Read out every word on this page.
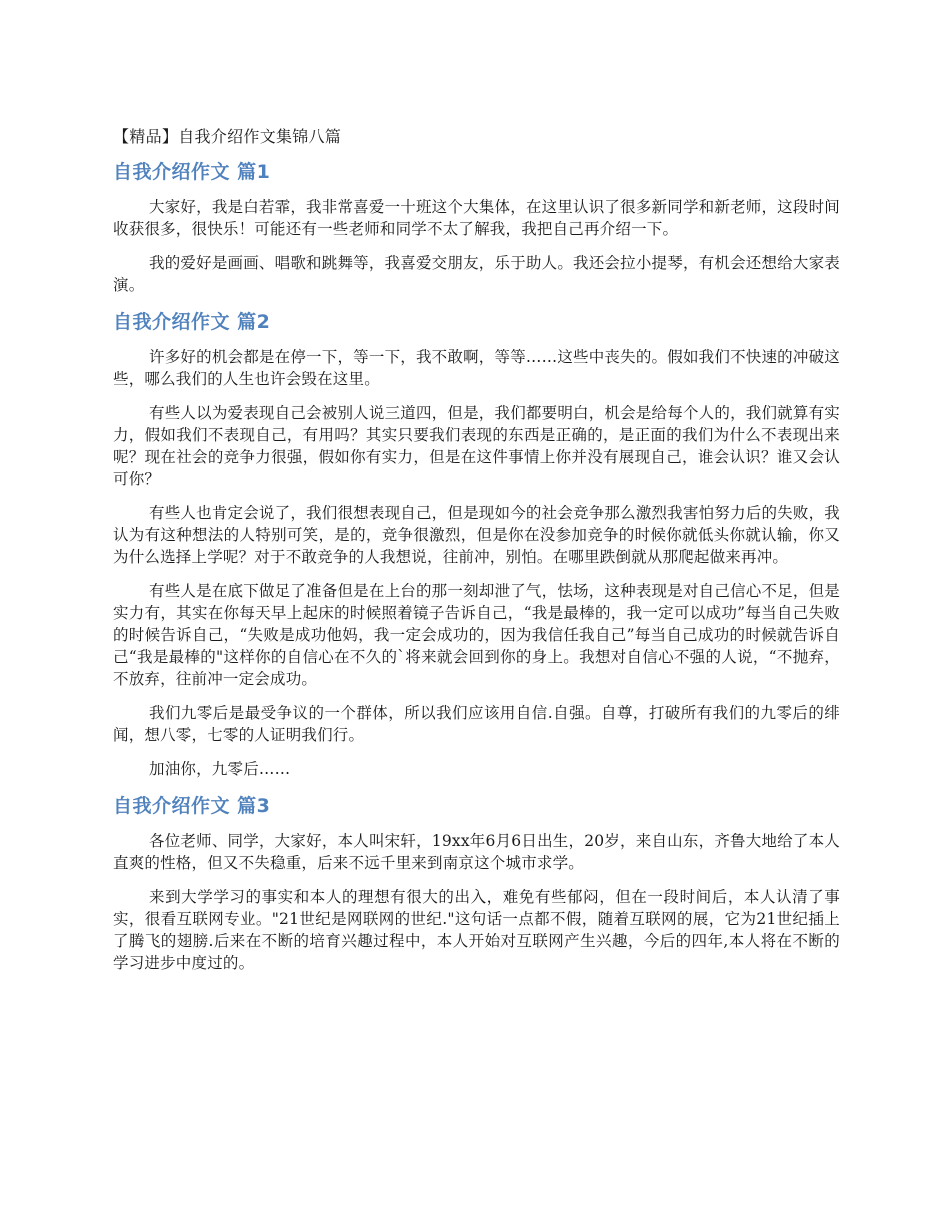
【精品】自我介绍作文集锦八篇
自我介绍作文 篇1

大家好，我是白若霏，我非常喜爱一十班这个大集体，在这里认识了很多新同学和新老师，这段时间收获很多，很快乐！可能还有一些老师和同学不太了解我，我把自己再介绍一下。

我的爱好是画画、唱歌和跳舞等，我喜爱交朋友，乐于助人。我还会拉小提琴，有机会还想给大家表演。

自我介绍作文 篇2

许多好的机会都是在停一下，等一下，我不敢啊，等等……这些中丧失的。假如我们不快速的冲破这些，哪么我们的人生也许会毁在这里。

有些人以为爱表现自己会被别人说三道四，但是，我们都要明白，机会是给每个人的，我们就算有实力，假如我们不表现自己，有用吗？其实只要我们表现的东西是正确的，是正面的我们为什么不表现出来呢？现在社会的竞争力很强，假如你有实力，但是在这件事情上你并没有展现自己，谁会认识？谁又会认可你？

有些人也肯定会说了，我们很想表现自己，但是现如今的社会竞争那么激烈我害怕努力后的失败，我认为有这种想法的人特别可笑，是的，竞争很激烈，但是你在没参加竞争的时候你就低头你就认输，你又为什么选择上学呢？对于不敢竞争的人我想说，往前冲，别怕。在哪里跌倒就从那爬起做来再冲。

有些人是在底下做足了准备但是在上台的那一刻却泄了气，怯场，这种表现是对自己信心不足，但是实力有，其实在你每天早上起床的时候照着镜子告诉自己，“我是最棒的，我一定可以成功”每当自己失败的时候告诉自己，“失败是成功他妈，我一定会成功的，因为我信任我自己”每当自己成功的时候就告诉自己“我是最棒的"这样你的自信心在不久的`将来就会回到你的身上。我想对自信心不强的人说，“不抛弃，不放弃，往前冲一定会成功。

我们九零后是最受争议的一个群体，所以我们应该用自信.自强。自尊，打破所有我们的九零后的绯闻，想八零，七零的人证明我们行。

加油你，九零后……

自我介绍作文 篇3

各位老师、同学，大家好，本人叫宋轩，19xx年6月6日出生，20岁，来自山东，齐鲁大地给了本人直爽的性格，但又不失稳重，后来不远千里来到南京这个城市求学。

来到大学学习的事实和本人的理想有很大的出入，难免有些郁闷，但在一段时间后，本人认清了事实，很看互联网专业。"21世纪是网联网的世纪."这句话一点都不假，随着互联网的展，它为21世纪插上了腾飞的翅膀.后来在不断的培育兴趣过程中，本人开始对互联网产生兴趣，今后的四年,本人将在不断的学习进步中度过的。
